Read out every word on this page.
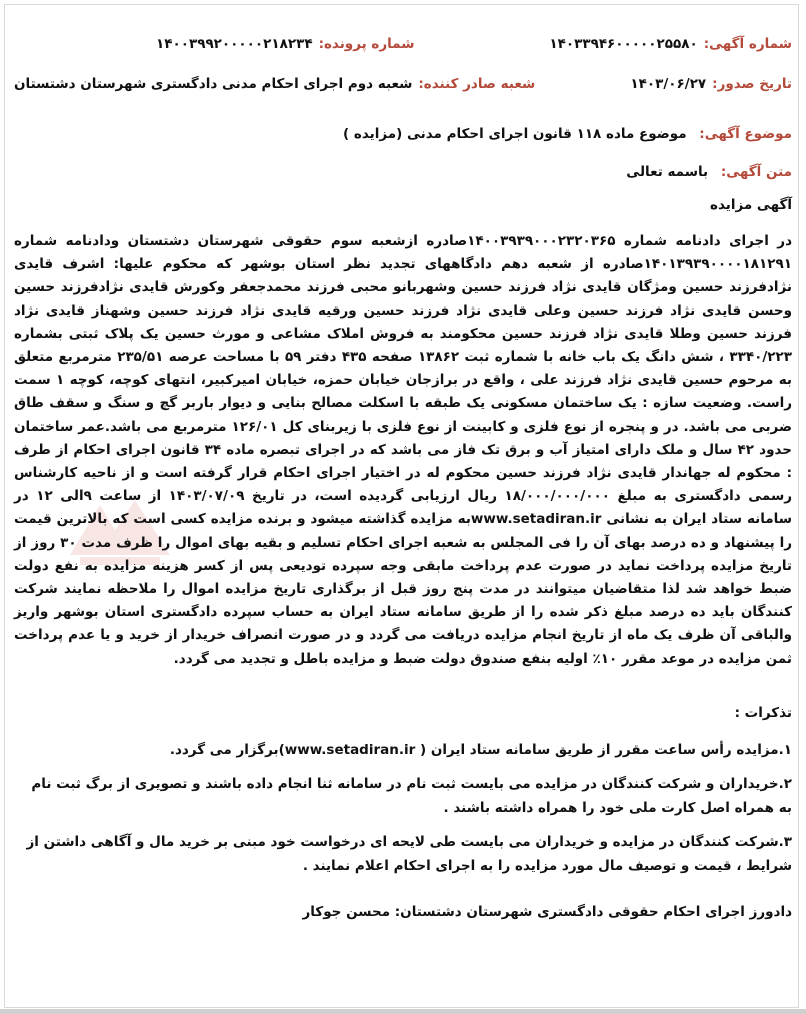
شماره آگهی:
۱۴۰۳۳۹۴۶۰۰۰۰۰۲۵۵۸۰
شماره پرونده:
۱۴۰۰۳۹۹۲۰۰۰۰۰۲۱۸۲۳۴
تاریخ صدور:
۱۴۰۳/۰۶/۲۷
شعبه صادر کننده:
شعبه دوم اجرای احکام مدنی دادگستری شهرستان دشتستان
موضوع آگهی: موضوع ماده ۱۱۸ قانون اجرای احکام مدنی (مزایده )
متن آگهی: باسمه تعالی
آگهی مزایده

در اجرای دادنامه شماره ۱۴۰۰۳۹۳۹۰۰۰۲۳۲۰۳۶۵صادره ازشعبه سوم حقوقی شهرستان دشتستان ودادنامه شماره ۱۴۰۱۳۹۳۹۰۰۰۰۱۸۱۲۹۱صادره از شعبه دهم دادگاههای تجدید نظر استان بوشهر که محکوم علیها: اشرف قایدی نژادفرزند حسین ومژگان قایدی نژاد فرزند حسین وشهربانو محبی فرزند محمدجعفر وکورش قایدی نژادفرزند حسین وحسن قایدی نژاد فرزند حسین وعلی قایدی نژاد فرزند حسین ورقیه قایدی نژاد فرزند حسین وشهناز قایدی نژاد فرزند حسین وطلا قایدی نژاد فرزند حسین محکومند به فروش املاک مشاعی و مورث حسین یک پلاک ثبتی بشماره ۳۳۴۰/۲۲۳ ، شش دانگ یک باب خانه با شماره ثبت ۱۳۸۶۲ صفحه ۴۳۵ دفتر ۵۹ با مساحت عرصه ۲۳۵/۵۱ مترمربع متعلق به مرحوم حسین قایدی نژاد فرزند علی ، واقع در برازجان خیابان حمزه، خیابان امیرکبیر، انتهای کوچه، کوچه ۱ سمت راست. وضعیت سازه : یک ساختمان مسکونی یک طبقه با اسکلت مصالح بنایی و دیوار باربر گچ و سنگ و سقف طاق ضربی می باشد. در و پنجره از نوع فلزی و کابینت از نوع فلزی با زیربنای کل ۱۲۶/۰۱ مترمربع می باشد.عمر ساختمان حدود ۴۲ سال و ملک دارای امتیاز آب و برق تک فاز می باشد که در اجرای تبصره ماده ۳۴ قانون اجرای احکام از طرف : محکوم له جهاندار قایدی نژاد فرزند حسین محکوم له در اختیار اجرای احکام قرار گرفته است و از ناحیه کارشناس رسمی دادگستری به مبلغ ۱۸/۰۰۰/۰۰۰/۰۰۰ ریال ارزیابی گردیده است، در تاریخ ۱۴۰۳/۰۷/۰۹ از ساعت ۹الی ۱۲ در سامانه ستاد ایران به نشانی www.setadiran.irبه مزایده گذاشته میشود و برنده مزایده کسی است که بالاترین قیمت را پیشنهاد و ده درصد بهای آن را فی المجلس به شعبه اجرای احکام تسلیم و بقیه بهای اموال را ظرف مدت ۳۰ روز از تاریخ مزایده پرداخت نماید در صورت عدم پرداخت مابقی وجه سپرده تودیعی پس از کسر هزینه مزایده به نفع دولت ضبط خواهد شد لذا متقاضیان میتوانند در مدت پنج روز قبل از برگذاری تاریخ مزایده اموال را ملاحظه نمایند شرکت کنندگان باید ده درصد مبلغ ذکر شده را از طریق سامانه ستاد ایران به حساب سپرده دادگستری استان بوشهر واریز والباقی آن ظرف یک ماه از تاریخ انجام مزایده دریافت می گردد و در صورت انصراف خریدار از خرید و یا عدم پرداخت ثمن مزایده در موعد مقرر ۱۰٪ اولیه بنفع صندوق دولت ضبط و مزایده باطل و تجدید می گردد.

تذکرات :
۱.مزایده رأس ساعت مقرر از طریق سامانه ستاد ایران ( www.setadiran.ir)برگزار می گردد.
۲.خریداران و شرکت کنندگان در مزایده می بایست ثبت نام در سامانه ثنا انجام داده باشند و تصویری از برگ ثبت نام به همراه اصل کارت ملی خود را همراه داشته باشند .
۳.شرکت کنندگان در مزایده و خریداران می بایست طی لایحه ای درخواست خود مبنی بر خرید مال و آگاهی داشتن از شرایط ، قیمت و توصیف مال مورد مزایده را به اجرای احکام اعلام نمایند .
دادورز اجرای احکام حقوقی دادگستری شهرستان دشتستان: محسن جوکار
